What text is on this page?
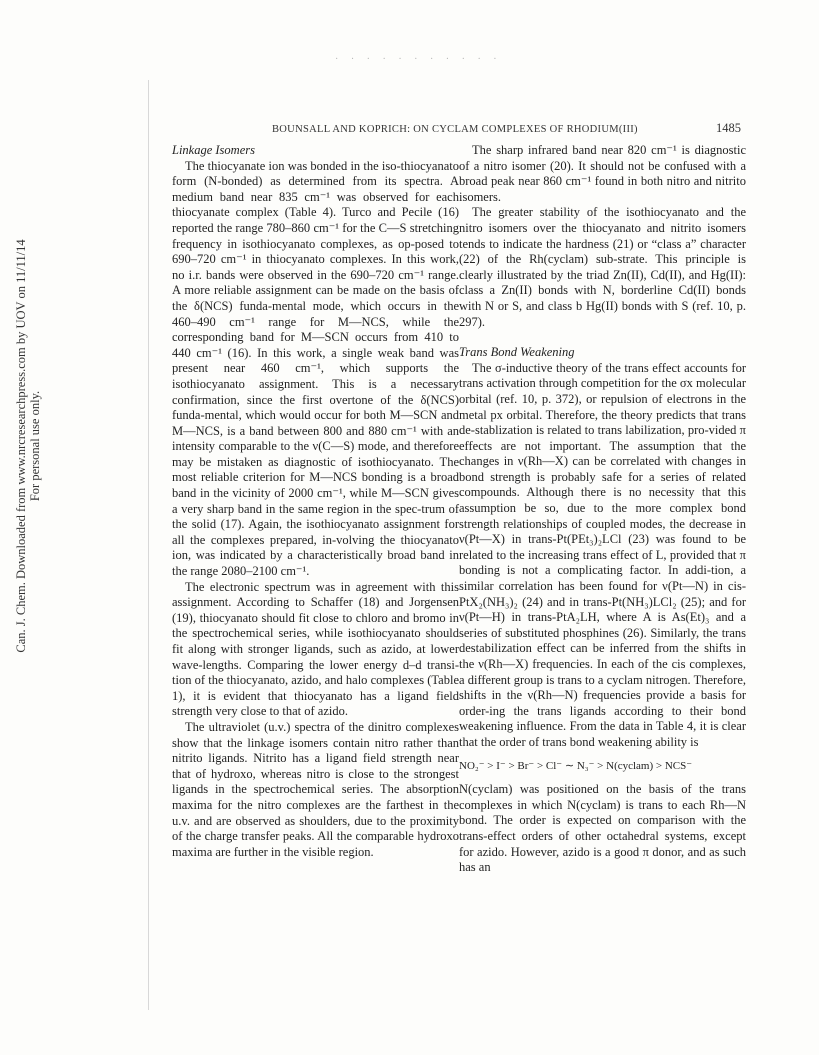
· · · · · · · · · · ·
Can. J. Chem. Downloaded from www.nrcresearchpress.com by UOV on 11/11/14 For personal use only.
BOUNSALL AND KOPRICH: ON CYCLAM COMPLEXES OF RHODIUM(III)	1485
Linkage Isomers

The thiocyanate ion was bonded in the iso-thiocyanato form (N-bonded) as determined from its spectra. A medium band near 835 cm⁻¹ was observed for each thiocyanate complex (Table 4). Turco and Pecile (16) reported the range 780–860 cm⁻¹ for the C—S stretching frequency in isothiocyanato complexes, as op-posed to 690–720 cm⁻¹ in thiocyanato complexes. In this work, no i.r. bands were observed in the 690–720 cm⁻¹ range. A more reliable assignment can be made on the basis of the δ(NCS) funda-mental mode, which occurs in the 460–490 cm⁻¹ range for M—NCS, while the corresponding band for M—SCN occurs from 410 to 440 cm⁻¹ (16). In this work, a single weak band was present near 460 cm⁻¹, which supports the isothiocyanato assignment. This is a necessary confirmation, since the first overtone of the δ(NCS) funda-mental, which would occur for both M—SCN and M—NCS, is a band between 800 and 880 cm⁻¹ with an intensity comparable to the ν(C—S) mode, and therefore may be mistaken as diagnostic of isothiocyanato. The most reliable criterion for M—NCS bonding is a broad band in the vicinity of 2000 cm⁻¹, while M—SCN gives a very sharp band in the same region in the spec-trum of the solid (17). Again, the isothiocyanato assignment for all the complexes prepared, in-volving the thiocyanato ion, was indicated by a characteristically broad band in the range 2080–2100 cm⁻¹.

The electronic spectrum was in agreement with this assignment. According to Schaffer (18) and Jorgensen (19), thiocyanato should fit close to chloro and bromo in the spectrochemical series, while isothiocyanato should fit along with stronger ligands, such as azido, at lower wave-lengths. Comparing the lower energy d–d transi-tion of the thiocyanato, azido, and halo complexes (Table 1), it is evident that thiocyanato has a ligand field strength very close to that of azido.

The ultraviolet (u.v.) spectra of the dinitro complexes show that the linkage isomers contain nitro rather than nitrito ligands. Nitrito has a ligand field strength near that of hydroxo, whereas nitro is close to the strongest ligands in the spectrochemical series. The absorption maxima for the nitro complexes are the farthest in the u.v. and are observed as shoulders, due to the proximity of the charge transfer peaks. All the comparable hydroxo maxima are further in the visible region.

The sharp infrared band near 820 cm⁻¹ is diagnostic of a nitro isomer (20). It should not be confused with a broad peak near 860 cm⁻¹ found in both nitro and nitrito isomers.

The greater stability of the isothiocyanato and the nitro isomers over the thiocyanato and nitrito isomers tends to indicate the hardness (21) or “class a” character (22) of the Rh(cyclam) sub-strate. This principle is clearly illustrated by the triad Zn(II), Cd(II), and Hg(II): class a Zn(II) bonds with N, borderline Cd(II) bonds with N or S, and class b Hg(II) bonds with S (ref. 10, p. 297).

Trans Bond Weakening

The σ-inductive theory of the trans effect accounts for trans activation through competition for the σx molecular orbital (ref. 10, p. 372), or repulsion of electrons in the metal px orbital. Therefore, the theory predicts that trans de-stablization is related to trans labilization, pro-vided π effects are not important. The assumption that the changes in ν(Rh—X) can be correlated with changes in bond strength is probably safe for a series of related compounds. Although there is no necessity that this assumption be so, due to the more complex bond strength relationships of coupled modes, the decrease in ν(Pt—X) in trans-Pt(PEt₃)₂LCl (23) was found to be related to the increasing trans effect of L, provided that π bonding is not a complicating factor. In addi-tion, a similar correlation has been found for ν(Pt—N) in cis-PtX₂(NH₃)₂ (24) and in trans-Pt(NH₃)LCl₂ (25); and for ν(Pt—H) in trans-PtA₂LH, where A is As(Et)₃ and a series of substituted phosphines (26). Similarly, the trans destabilization effect can be inferred from the shifts in the ν(Rh—X) frequencies. In each of the cis complexes, a different group is trans to a cyclam nitrogen. Therefore, shifts in the ν(Rh—N) frequencies provide a basis for order-ing the trans ligands according to their bond weakening influence. From the data in Table 4, it is clear that the order of trans bond weakening ability is

NO₂⁻ > I⁻ > Br⁻ > Cl⁻ ∼ N₃⁻ > N(cyclam) > NCS⁻

N(cyclam) was positioned on the basis of the trans complexes in which N(cyclam) is trans to each Rh—N bond. The order is expected on comparison with the trans-effect orders of other octahedral systems, except for azido. However, azido is a good π donor, and as such has an
